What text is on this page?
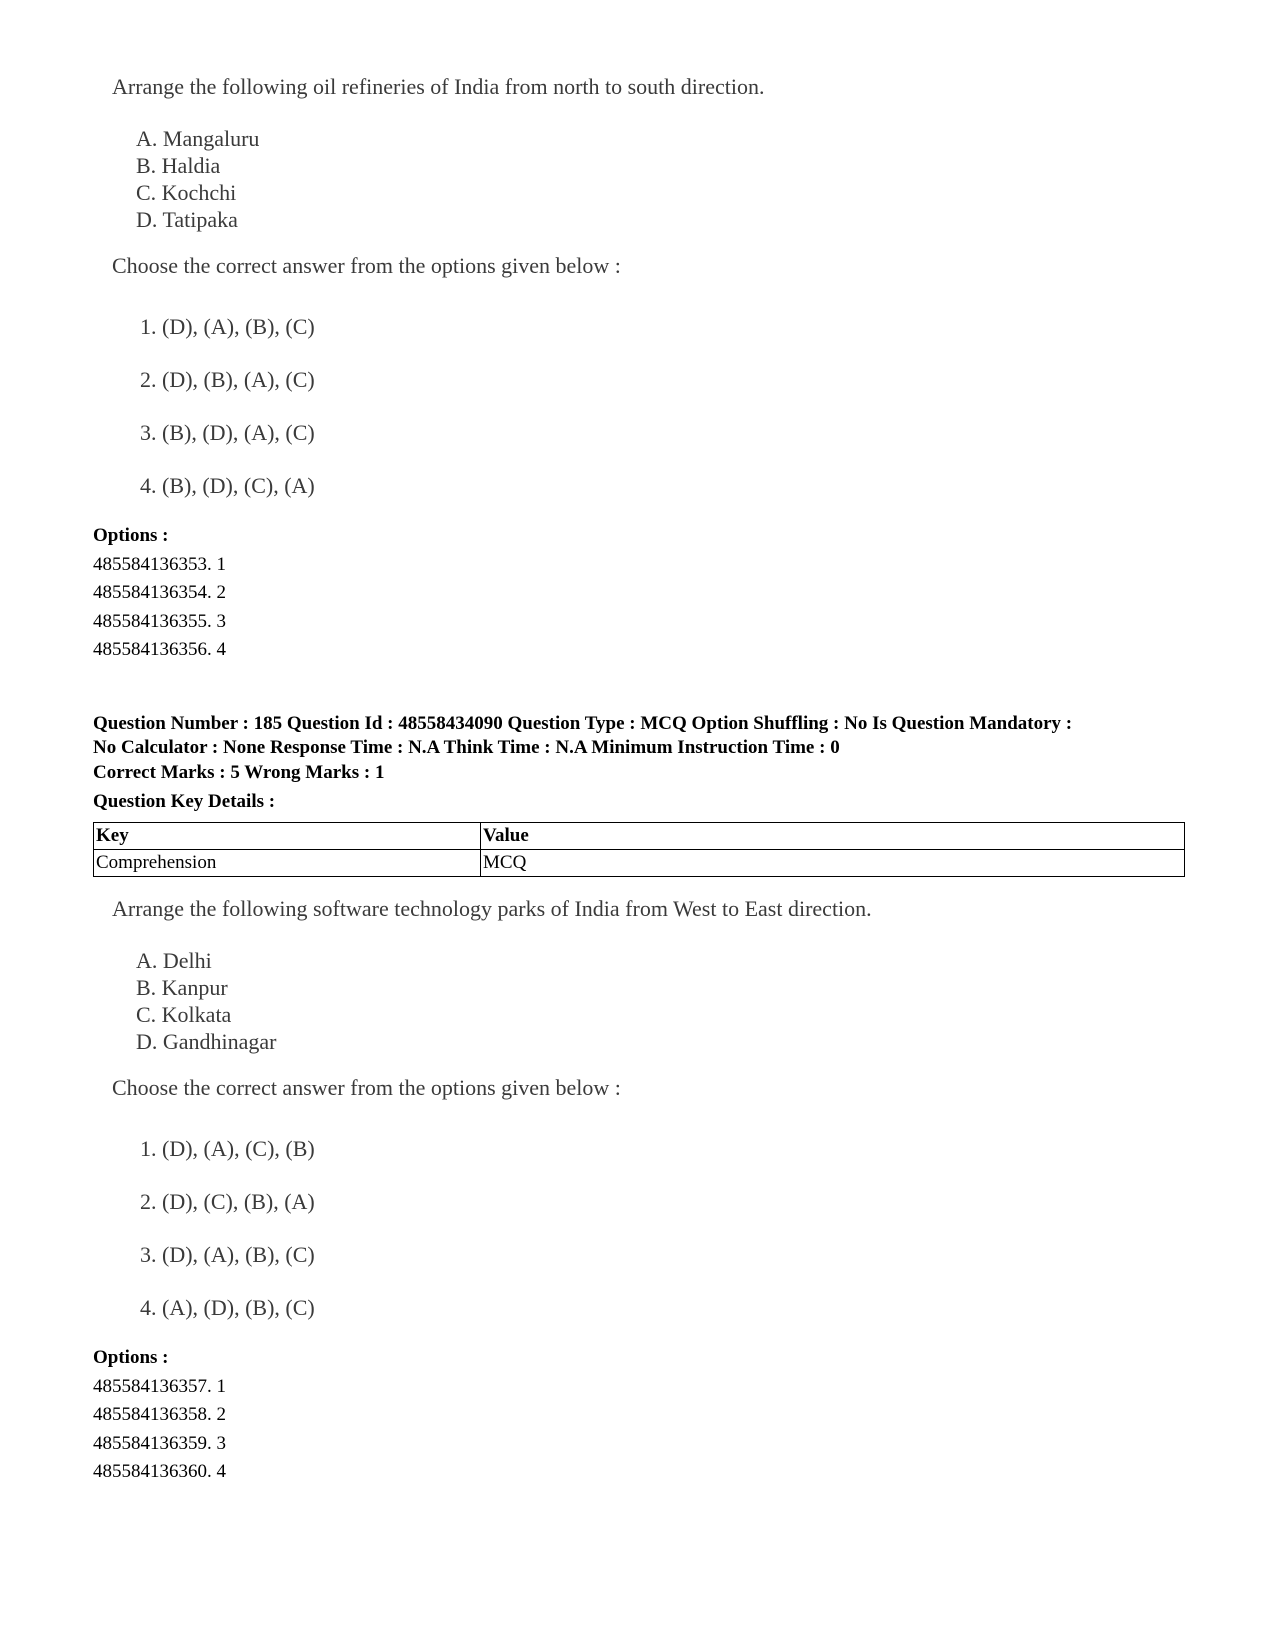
Arrange the following oil refineries of India from north to south direction.
A. Mangaluru
B. Haldia
C. Kochchi
D. Tatipaka
Choose the correct answer from the options given below :
1. (D), (A), (B), (C)
2. (D), (B), (A), (C)
3. (B), (D), (A), (C)
4. (B), (D), (C), (A)
Options :
485584136353. 1
485584136354. 2
485584136355. 3
485584136356. 4
Question Number : 185 Question Id : 48558434090 Question Type : MCQ Option Shuffling : No Is Question Mandatory :
No Calculator : None Response Time : N.A Think Time : N.A Minimum Instruction Time : 0
Correct Marks : 5 Wrong Marks : 1
Question Key Details :
Key	Value
Comprehension	MCQ
Arrange the following software technology parks of India from West to East direction.
A. Delhi
B. Kanpur
C. Kolkata
D. Gandhinagar
Choose the correct answer from the options given below :
1. (D), (A), (C), (B)
2. (D), (C), (B), (A)
3. (D), (A), (B), (C)
4. (A), (D), (B), (C)
Options :
485584136357. 1
485584136358. 2
485584136359. 3
485584136360. 4
